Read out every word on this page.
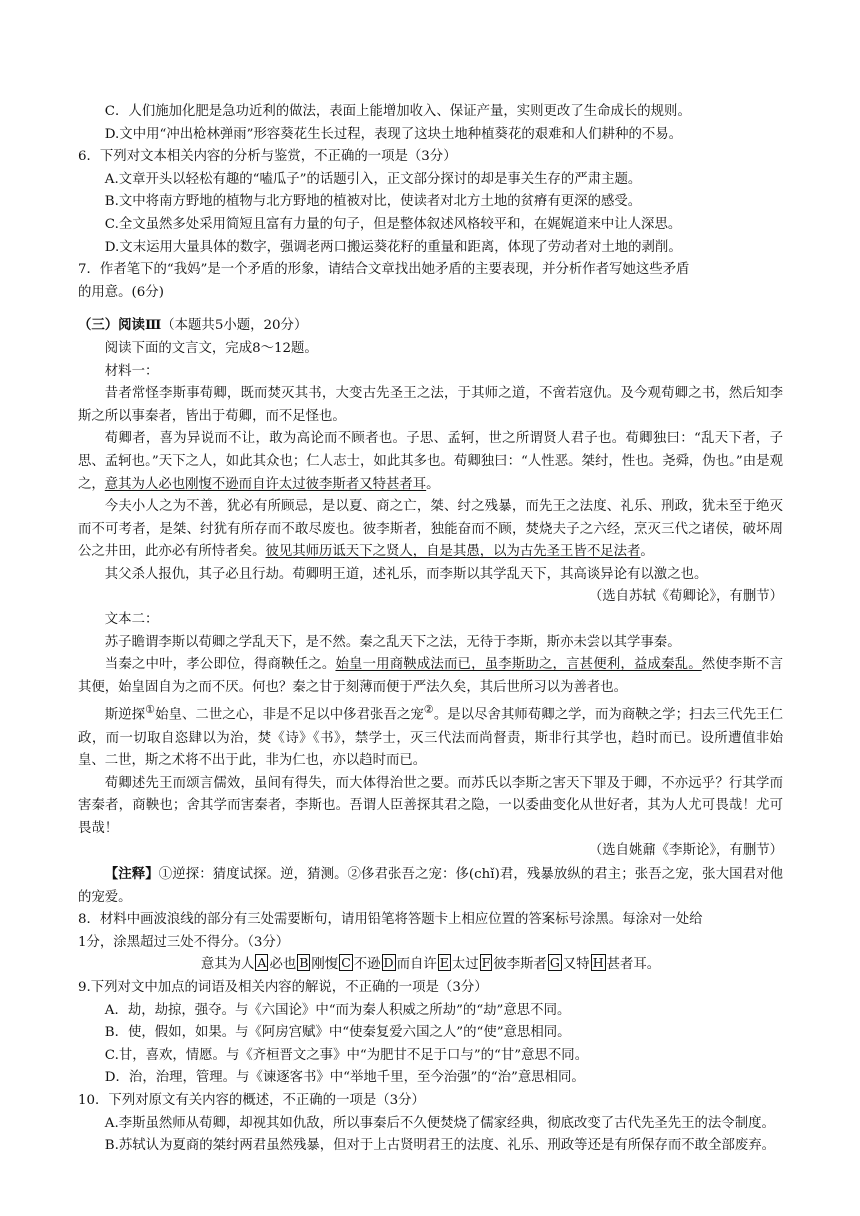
C．人们施加化肥是急功近利的做法，表面上能增加收入、保证产量，实则更改了生命成长的规则。

D.文中用“冲出枪林弹雨”形容葵花生长过程，表现了这块土地种植葵花的艰难和人们耕种的不易。

6．下列对文本相关内容的分析与鉴赏，不正确的一项是（3分）

A.文章开头以轻松有趣的“嗑瓜子”的话题引入，正文部分探讨的却是事关生存的严肃主题。

B.文中将南方野地的植物与北方野地的植被对比，使读者对北方土地的贫瘠有更深的感受。

C.全文虽然多处采用简短且富有力量的句子，但是整体叙述风格较平和，在娓娓道来中让人深思。

D.文末运用大量具体的数字，强调老两口搬运葵花籽的重量和距离，体现了劳动者对土地的剥削。

7．作者笔下的“我妈”是一个矛盾的形象，请结合文章找出她矛盾的主要表现，并分析作者写她这些矛盾

的用意。(6分)

（三）阅读Ⅲ（本题共5小题，20分）

阅读下面的文言文，完成8～12题。

材料一：

昔者常怪李斯事荀卿，既而焚灭其书，大变古先圣王之法，于其师之道，不啻若寇仇。及今观荀卿之书，然后知李斯之所以事秦者，皆出于荀卿，而不足怪也。

荀卿者，喜为异说而不让，敢为高论而不顾者也。子思、孟轲，世之所谓贤人君子也。荀卿独曰：“乱天下者，子思、孟轲也。”天下之人，如此其众也；仁人志士，如此其多也。荀卿独曰：“人性恶。桀纣，性也。尧舜，伪也。”由是观之，意其为人必也刚愎不逊而自许太过彼李斯者又特甚者耳。

今夫小人之为不善，犹必有所顾忌，是以夏、商之亡，桀、纣之残暴，而先王之法度、礼乐、刑政，犹未至于绝灭而不可考者，是桀、纣犹有所存而不敢尽废也。彼李斯者，独能奋而不顾，焚烧夫子之六经，烹灭三代之诸侯，破坏周公之井田，此亦必有所恃者矣。彼见其师历诋天下之贤人，自是其愚，以为古先圣王皆不足法者。

其父杀人报仇，其子必且行劫。荀卿明王道，述礼乐，而李斯以其学乱天下，其高谈异论有以激之也。

（选自苏轼《荀卿论》，有删节）

文本二：

苏子瞻谓李斯以荀卿之学乱天下，是不然。秦之乱天下之法，无待于李斯，斯亦未尝以其学事秦。

当秦之中叶，孝公即位，得商鞅任之。始皇一用商鞅成法而已，虽李斯助之，言甚便利，益成秦乱。然使李斯不言其便，始皇固自为之而不厌。何也？秦之甘于刻薄而便于严法久矣，其后世所习以为善者也。

斯逆探①始皇、二世之心，非是不足以中侈君张吾之宠②。是以尽舍其师荀卿之学，而为商鞅之学；扫去三代先王仁政，而一切取自恣肆以为治，焚《诗》《书》，禁学士，灭三代法而尚督责，斯非行其学也，趋时而已。设所遭值非始皇、二世，斯之术将不出于此，非为仁也，亦以趋时而已。

荀卿述先王而颂言儒效，虽间有得失，而大体得治世之要。而苏氏以李斯之害天下罪及于卿，不亦远乎？行其学而害秦者，商鞅也；舍其学而害秦者，李斯也。吾谓人臣善探其君之隐，一以委曲变化从世好者，其为人尤可畏哉！尤可畏哉！

（选自姚鼐《李斯论》，有删节）

【注释】①逆探：猜度试探。逆，猜测。②侈君张吾之宠：侈(chǐ)君，残暴放纵的君主；张吾之宠，张大国君对他的宠爱。

8．材料中画波浪线的部分有三处需要断句，请用铅笔将答题卡上相应位置的答案标号涂黑。每涂对一处给

1分，涂黑超过三处不得分。（3分）

意其为人 A 必也 B 刚愎 C 不逊 D 而自许 E 太过 F 彼李斯者 G 又特 H 甚者耳。

9.下列对文中加点的词语及相关内容的解说，不正确的一项是（3分）

A．劫，劫掠，强夺。与《六国论》中“而为秦人积威之所劫”的“劫”意思不同。

B．使，假如，如果。与《阿房宫赋》中“使秦复爱六国之人”的“使”意思相同。

C.甘，喜欢，情愿。与《齐桓晋文之事》中“为肥甘不足于口与”的“甘”意思不同。

D．治，治理，管理。与《谏逐客书》中“举地千里，至今治强”的“治”意思相同。

10．下列对原文有关内容的概述，不正确的一项是（3分）

A.李斯虽然师从荀卿，却视其如仇敌，所以事秦后不久便焚烧了儒家经典，彻底改变了古代先圣先王的法令制度。

B.苏轼认为夏商的桀纣两君虽然残暴，但对于上古贤明君王的法度、礼乐、刑政等还是有所保存而不敢全部废弃。
